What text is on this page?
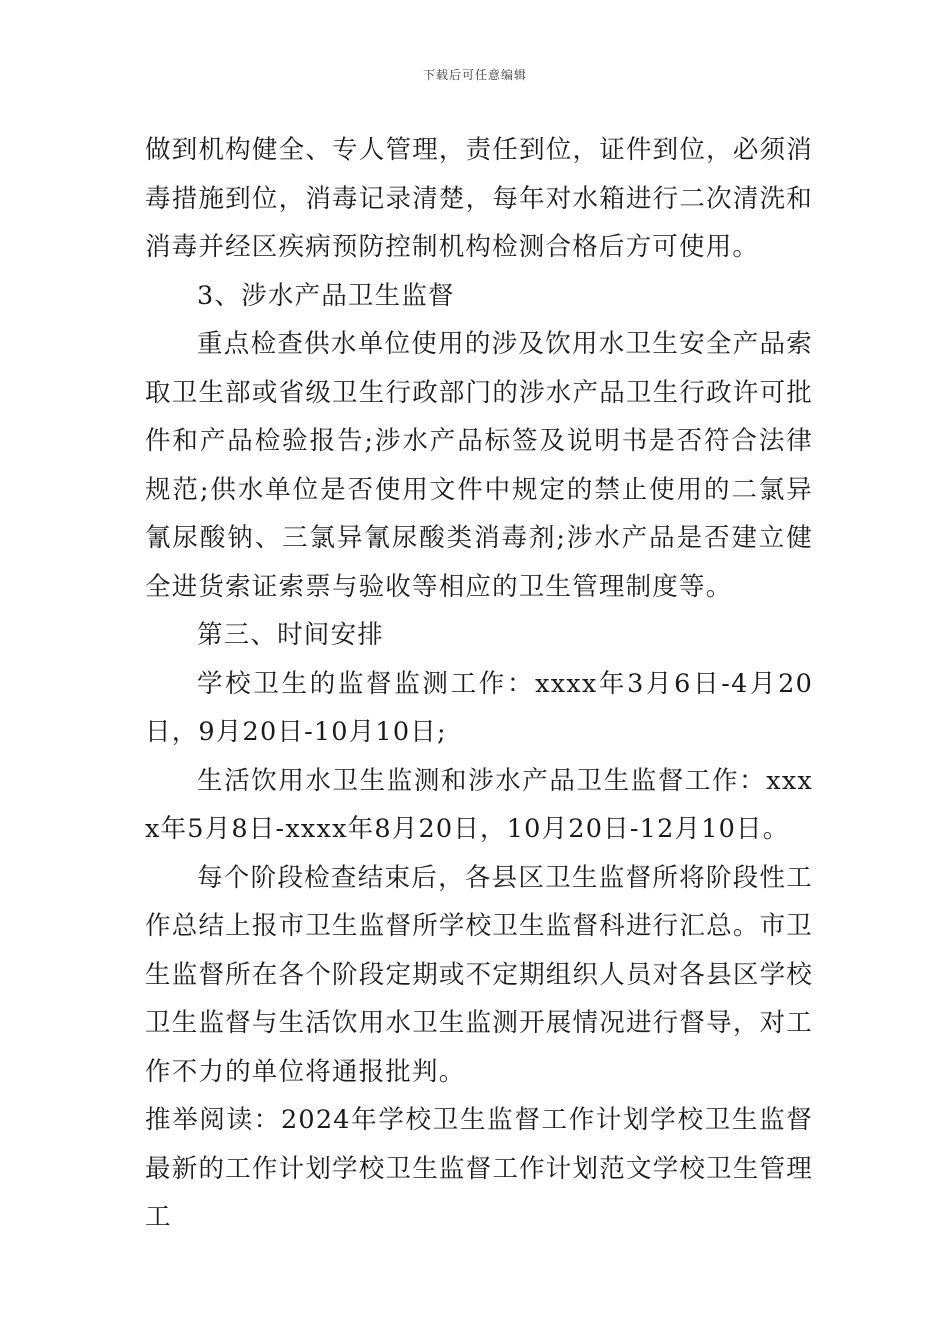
下载后可任意编辑

做到机构健全、专人管理，责任到位，证件到位，必须消毒措施到位，消毒记录清楚，每年对水箱进行二次清洗和消毒并经区疾病预防控制机构检测合格后方可使用。

3、涉水产品卫生监督

重点检查供水单位使用的涉及饮用水卫生安全产品索取卫生部或省级卫生行政部门的涉水产品卫生行政许可批件和产品检验报告;涉水产品标签及说明书是否符合法律规范;供水单位是否使用文件中规定的禁止使用的二氯异氰尿酸钠、三氯异氰尿酸类消毒剂;涉水产品是否建立健全进货索证索票与验收等相应的卫生管理制度等。

第三、时间安排

学校卫生的监督监测工作：xxxx年3月6日-4月20日，9月20日-10月10日;

生活饮用水卫生监测和涉水产品卫生监督工作：xxxx年5月8日-xxxx年8月20日，10月20日-12月10日。

每个阶段检查结束后，各县区卫生监督所将阶段性工作总结上报市卫生监督所学校卫生监督科进行汇总。市卫生监督所在各个阶段定期或不定期组织人员对各县区学校卫生监督与生活饮用水卫生监测开展情况进行督导，对工作不力的单位将通报批判。

推举阅读：2024年学校卫生监督工作计划学校卫生监督最新的工作计划学校卫生监督工作计划范文学校卫生管理工
